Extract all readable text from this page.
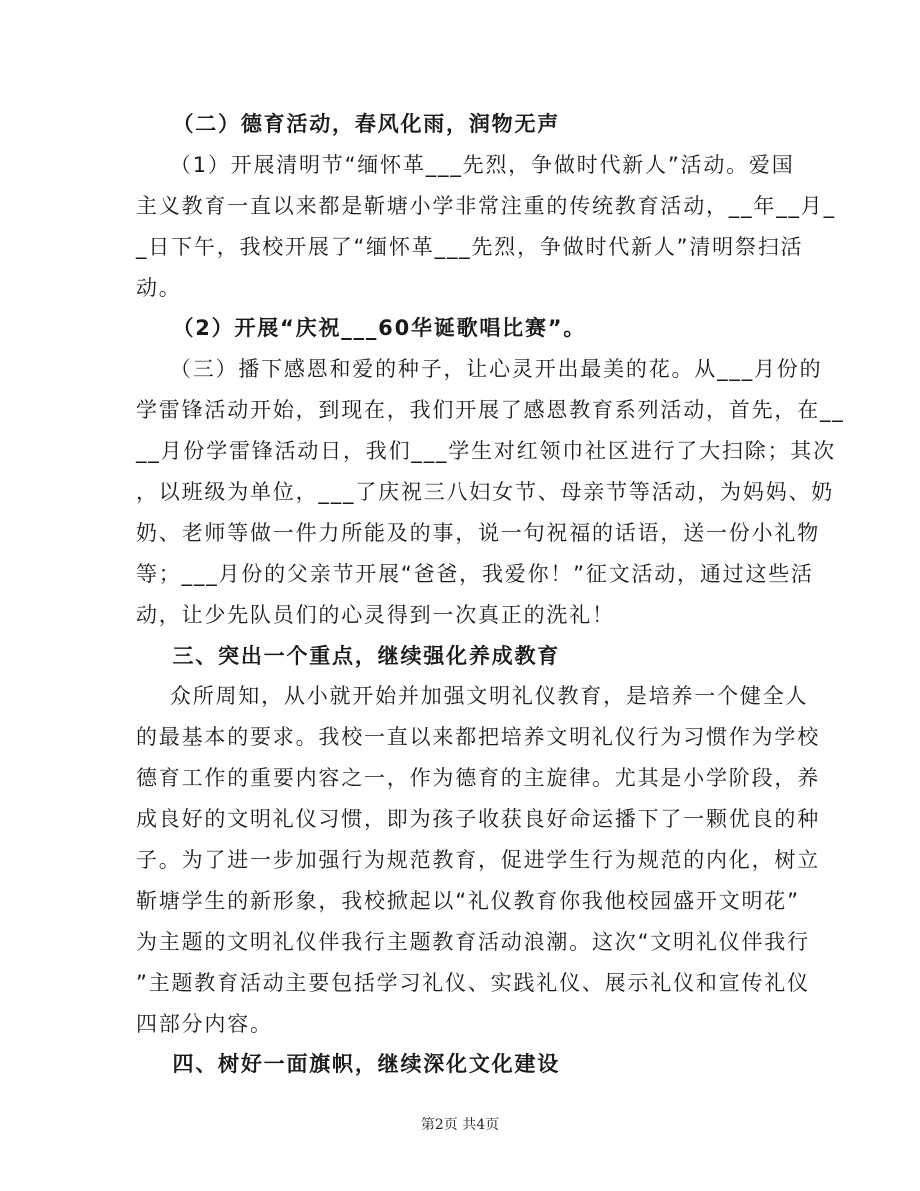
（二）德育活动，春风化雨，润物无声
（1）开展清明节“缅怀革___先烈，争做时代新人”活动。爱国
主义教育一直以来都是靳塘小学非常注重的传统教育活动，__年__月_
_日下午，我校开展了“缅怀革___先烈，争做时代新人”清明祭扫活
动。
（2）开展“庆祝___60华诞歌唱比赛”。
（三）播下感恩和爱的种子，让心灵开出最美的花。从___月份的
学雷锋活动开始，到现在，我们开展了感恩教育系列活动，首先，在__
__月份学雷锋活动日，我们___学生对红领巾社区进行了大扫除；其次
，以班级为单位，___了庆祝三八妇女节、母亲节等活动，为妈妈、奶
奶、老师等做一件力所能及的事，说一句祝福的话语，送一份小礼物
等；___月份的父亲节开展“爸爸，我爱你！”征文活动，通过这些活
动，让少先队员们的心灵得到一次真正的洗礼！
三、突出一个重点，继续强化养成教育
众所周知，从小就开始并加强文明礼仪教育，是培养一个健全人
的最基本的要求。我校一直以来都把培养文明礼仪行为习惯作为学校
德育工作的重要内容之一，作为德育的主旋律。尤其是小学阶段，养
成良好的文明礼仪习惯，即为孩子收获良好命运播下了一颗优良的种
子。为了进一步加强行为规范教育，促进学生行为规范的内化，树立
靳塘学生的新形象，我校掀起以“礼仪教育你我他校园盛开文明花”
为主题的文明礼仪伴我行主题教育活动浪潮。这次“文明礼仪伴我行
”主题教育活动主要包括学习礼仪、实践礼仪、展示礼仪和宣传礼仪
四部分内容。
四、树好一面旗帜，继续深化文化建设
第2页 共4页
